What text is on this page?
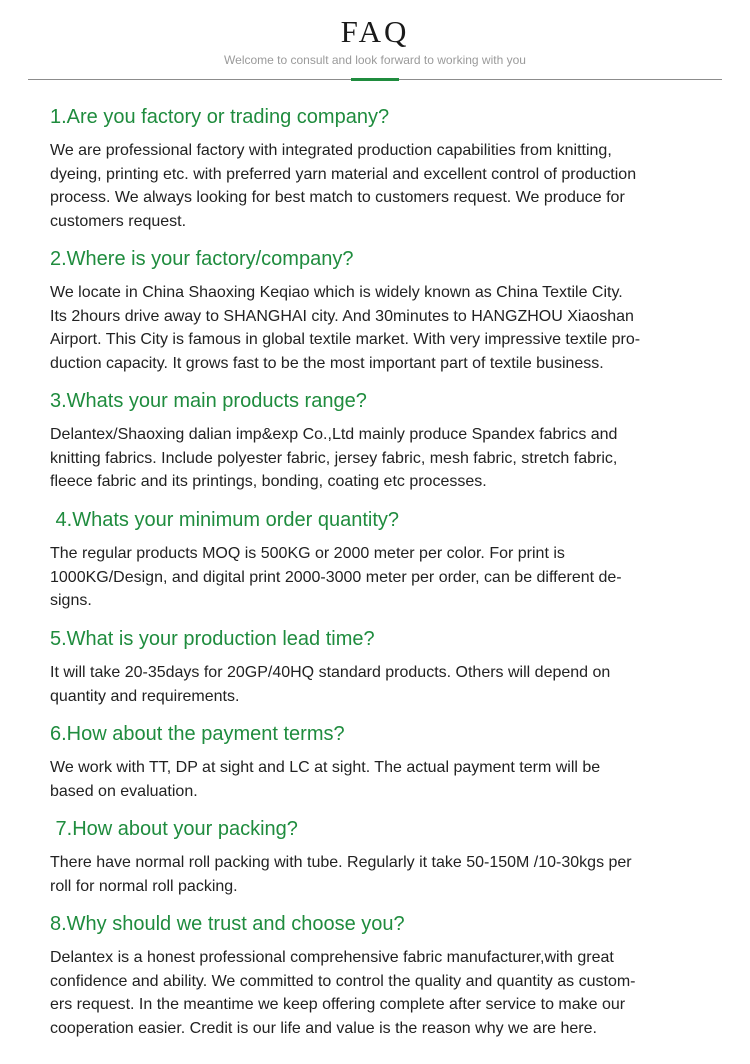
FAQ
Welcome to consult and look forward to working with you
1.Are you factory or trading company?

We are professional factory with integrated production capabilities from knitting,
dyeing, printing etc. with preferred yarn material and excellent control of production
process. We always looking for best match to customers request. We produce for
customers request.

2.Where is your factory/company?

We locate in China Shaoxing Keqiao which is widely known as China Textile City.
Its 2hours drive away to SHANGHAI city. And 30minutes to HANGZHOU Xiaoshan
Airport. This City is famous in global textile market. With very impressive textile pro-
duction capacity. It grows fast to be the most important part of textile business.

3.Whats your main products range?

Delantex/Shaoxing dalian imp&exp Co.,Ltd mainly produce Spandex fabrics and
knitting fabrics. Include polyester fabric, jersey fabric, mesh fabric, stretch fabric,
fleece fabric and its printings, bonding, coating etc processes.

4.Whats your minimum order quantity?

The regular products MOQ is 500KG or 2000 meter per color. For print is
1000KG/Design, and digital print 2000-3000 meter per order, can be different de-
signs.

5.What is your production lead time?

It will take 20-35days for 20GP/40HQ standard products. Others will depend on
quantity and requirements.

6.How about the payment terms?

We work with TT, DP at sight and LC at sight. The actual payment term will be
based on evaluation.

7.How about your packing?

There have normal roll packing with tube. Regularly it take 50-150M /10-30kgs per
roll for normal roll packing.

8.Why should we trust and choose you?

Delantex is a honest professional comprehensive fabric manufacturer,with great
confidence and ability. We committed to control the quality and quantity as custom-
ers request. In the meantime we keep offering complete after service to make our
cooperation easier. Credit is our life and value is the reason why we are here.
